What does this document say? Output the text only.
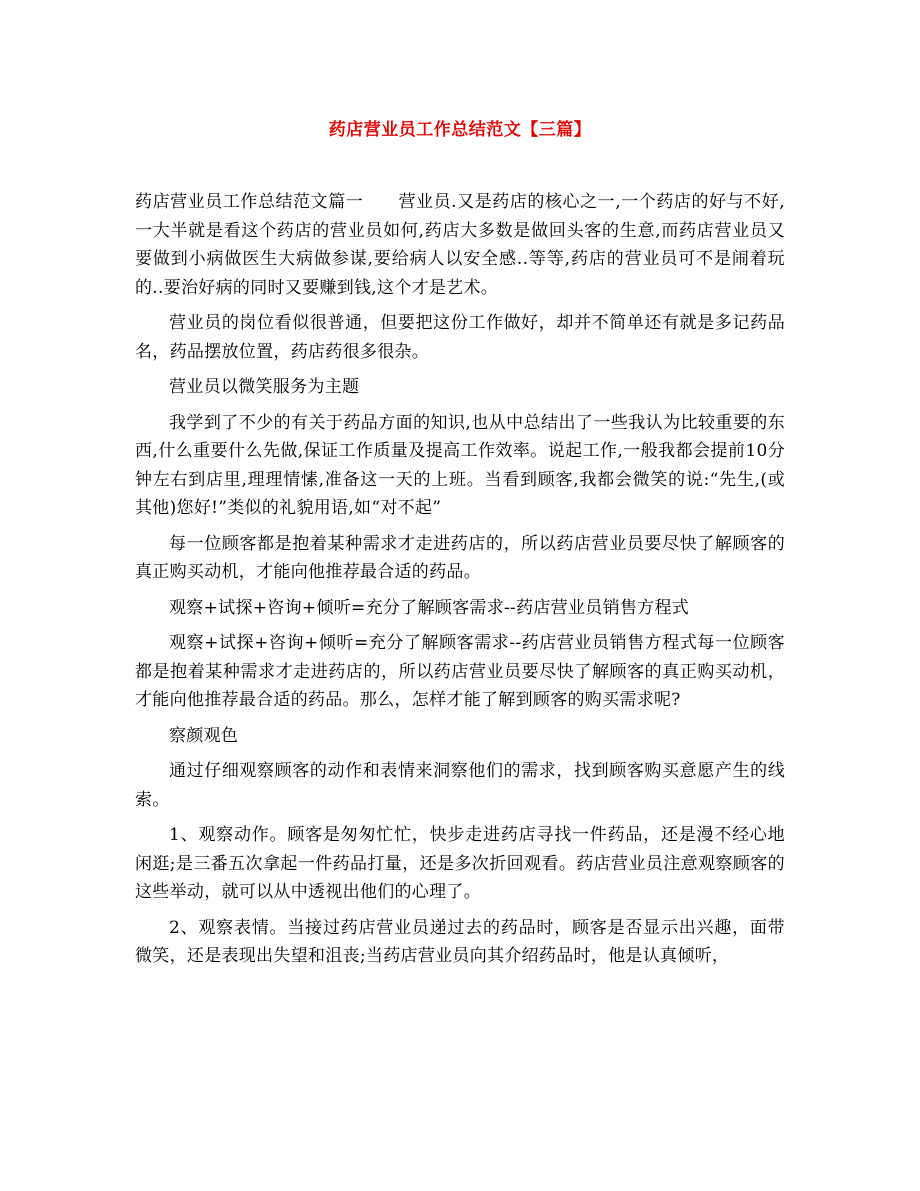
药店营业员工作总结范文【三篇】

药店营业员工作总结范文篇一　　营业员.又是药店的核心之一,一个药店的好与不好,一大半就是看这个药店的营业员如何,药店大多数是做回头客的生意,而药店营业员又要做到小病做医生大病做参谋,要给病人以安全感..等等,药店的营业员可不是闹着玩的..要治好病的同时又要赚到钱,这个才是艺术。

营业员的岗位看似很普通，但要把这份工作做好，却并不简单还有就是多记药品名，药品摆放位置，药店药很多很杂。

营业员以微笑服务为主题

我学到了不少的有关于药品方面的知识,也从中总结出了一些我认为比较重要的东西,什么重要什么先做,保证工作质量及提高工作效率。说起工作,一般我都会提前10分钟左右到店里,理理情愫,准备这一天的上班。当看到顾客,我都会微笑的说:“先生,(或其他)您好!”类似的礼貌用语,如“对不起”

每一位顾客都是抱着某种需求才走进药店的，所以药店营业员要尽快了解顾客的真正购买动机，才能向他推荐最合适的药品。

观察+试探+咨询+倾听=充分了解顾客需求--药店营业员销售方程式

观察+试探+咨询+倾听=充分了解顾客需求--药店营业员销售方程式每一位顾客都是抱着某种需求才走进药店的，所以药店营业员要尽快了解顾客的真正购买动机，才能向他推荐最合适的药品。那么，怎样才能了解到顾客的购买需求呢?

察颜观色

通过仔细观察顾客的动作和表情来洞察他们的需求，找到顾客购买意愿产生的线索。

1、观察动作。顾客是匆匆忙忙，快步走进药店寻找一件药品，还是漫不经心地闲逛;是三番五次拿起一件药品打量，还是多次折回观看。药店营业员注意观察顾客的这些举动，就可以从中透视出他们的心理了。

2、观察表情。当接过药店营业员递过去的药品时，顾客是否显示出兴趣，面带微笑，还是表现出失望和沮丧;当药店营业员向其介绍药品时，他是认真倾听，
